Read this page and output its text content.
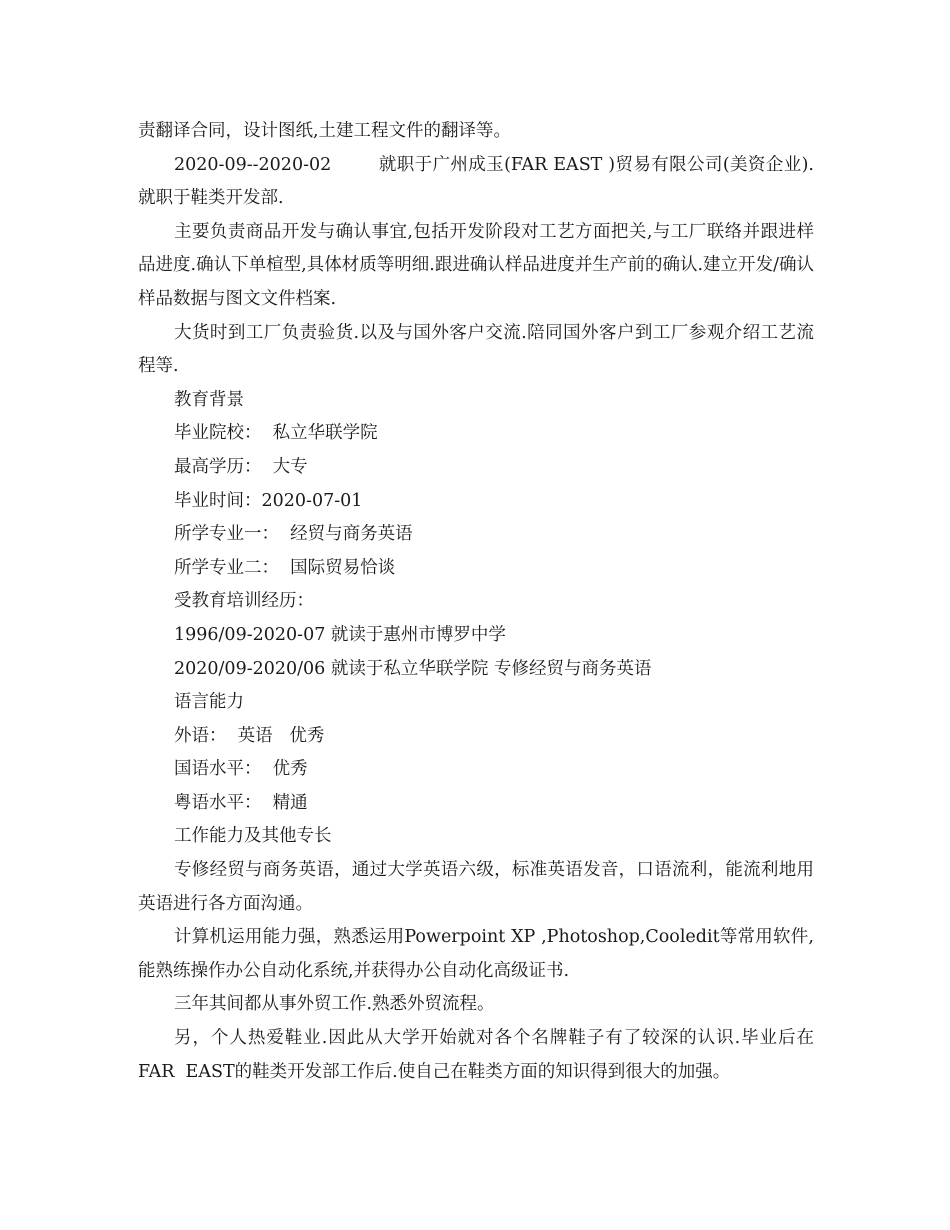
责翻译合同，设计图纸,土建工程文件的翻译等。

2020-09--2020-02        就职于广州成玉(FAR EAST )贸易有限公司(美资企业). 就职于鞋类开发部.

主要负责商品开发与确认事宜,包括开发阶段对工艺方面把关,与工厂联络并跟进样品进度.确认下单楦型,具体材质等明细.跟进确认样品进度并生产前的确认.建立开发/确认样品数据与图文文件档案.

大货时到工厂负责验货.以及与国外客户交流.陪同国外客户到工厂参观介绍工艺流程等.

教育背景

毕业院校：  私立华联学院

最高学历：  大专

毕业时间：2020-07-01

所学专业一：  经贸与商务英语

所学专业二：  国际贸易恰谈

受教育培训经历：

1996/09-2020-07 就读于惠州市博罗中学

2020/09-2020/06 就读于私立华联学院 专修经贸与商务英语

语言能力

外语：  英语   优秀

国语水平：  优秀

粤语水平：  精通

工作能力及其他专长

专修经贸与商务英语，通过大学英语六级，标准英语发音，口语流利，能流利地用英语进行各方面沟通。

计算机运用能力强，熟悉运用Powerpoint XP ,Photoshop,Cooledit等常用软件,能熟练操作办公自动化系统,并获得办公自动化高级证书.

三年其间都从事外贸工作.熟悉外贸流程。

另，个人热爱鞋业.因此从大学开始就对各个名牌鞋子有了较深的认识.毕业后在FAR  EAST的鞋类开发部工作后.使自己在鞋类方面的知识得到很大的加强。
